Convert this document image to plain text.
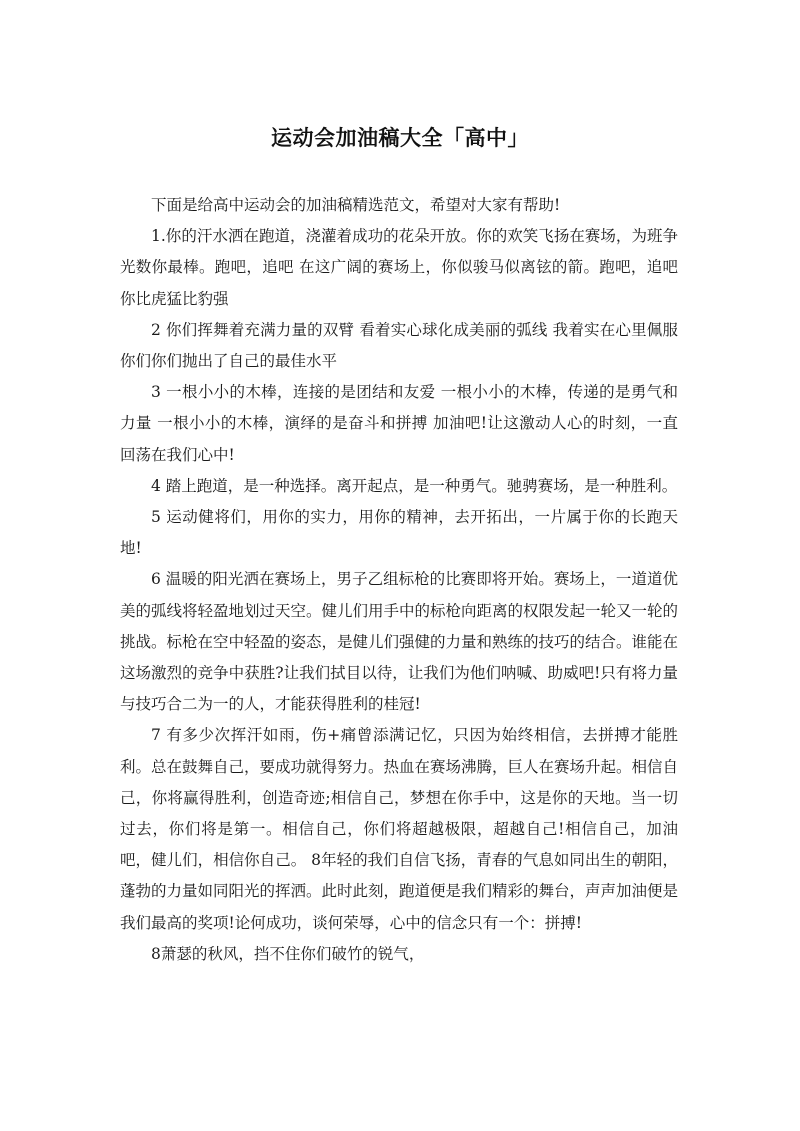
运动会加油稿大全「高中」

下面是给高中运动会的加油稿精选范文，希望对大家有帮助!

1.你的汗水洒在跑道，浇灌着成功的花朵开放。你的欢笑飞扬在赛场，为班争光数你最棒。跑吧，追吧 在这广阔的赛场上，你似骏马似离铉的箭。跑吧，追吧你比虎猛比豹强

2 你们挥舞着充满力量的双臂 看着实心球化成美丽的弧线 我着实在心里佩服你们你们抛出了自己的最佳水平

3 一根小小的木棒，连接的是团结和友爱 一根小小的木棒，传递的是勇气和力量 一根小小的木棒，演绎的是奋斗和拼搏 加油吧!让这激动人心的时刻，一直回荡在我们心中!

4 踏上跑道，是一种选择。离开起点，是一种勇气。驰骋赛场，是一种胜利。

5 运动健将们，用你的实力，用你的精神，去开拓出，一片属于你的长跑天地!

6 温暖的阳光洒在赛场上，男子乙组标枪的比赛即将开始。赛场上，一道道优美的弧线将轻盈地划过天空。健儿们用手中的标枪向距离的权限发起一轮又一轮的挑战。标枪在空中轻盈的姿态，是健儿们强健的力量和熟练的技巧的结合。谁能在这场激烈的竞争中获胜?让我们拭目以待，让我们为他们呐喊、助威吧!只有将力量与技巧合二为一的人，才能获得胜利的桂冠!

7 有多少次挥汗如雨，伤+痛曾添满记忆，只因为始终相信，去拼搏才能胜利。总在鼓舞自己，要成功就得努力。热血在赛场沸腾，巨人在赛场升起。相信自己，你将赢得胜利，创造奇迹;相信自己，梦想在你手中，这是你的天地。当一切过去，你们将是第一。相信自己，你们将超越极限，超越自己!相信自己，加油吧，健儿们，相信你自己。 8年轻的我们自信飞扬，青春的气息如同出生的朝阳，蓬勃的力量如同阳光的挥洒。此时此刻，跑道便是我们精彩的舞台，声声加油便是我们最高的奖项!论何成功，谈何荣辱，心中的信念只有一个：拼搏!

8萧瑟的秋风，挡不住你们破竹的锐气，
